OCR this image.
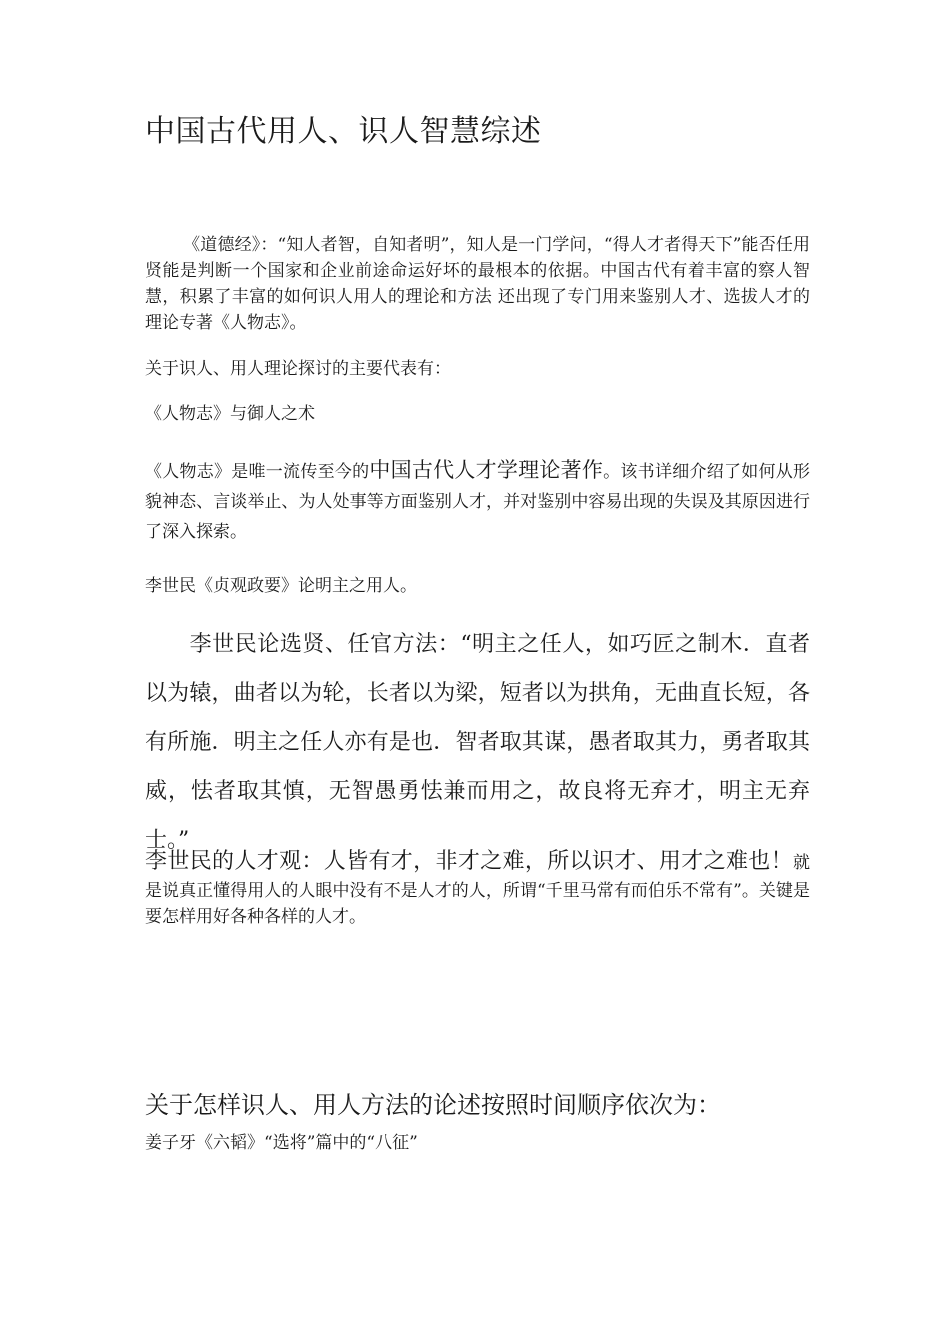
中国古代用人、识人智慧综述

《道德经》：“知人者智，自知者明”，知人是一门学问，“得人才者得天下”能否任用贤能是判断一个国家和企业前途命运好坏的最根本的依据。中国古代有着丰富的察人智慧，积累了丰富的如何识人用人的理论和方法 还出现了专门用来鉴别人才、选拔人才的理论专著《人物志》。

关于识人、用人理论探讨的主要代表有：

《人物志》与御人之术

《人物志》是唯一流传至今的中国古代人才学理论著作。该书详细介绍了如何从形貌神态、言谈举止、为人处事等方面鉴别人才，并对鉴别中容易出现的失误及其原因进行了深入探索。

李世民《贞观政要》论明主之用人。

李世民论选贤、任官方法：“明主之任人，如巧匠之制木．直者以为辕，曲者以为轮，长者以为梁，短者以为拱角，无曲直长短，各有所施．明主之任人亦有是也．智者取其谋，愚者取其力，勇者取其威，怯者取其慎，无智愚勇怯兼而用之，故良将无弃才，明主无弃士。”

李世民的人才观：人皆有才，非才之难，所以识才、用才之难也！就是说真正懂得用人的人眼中没有不是人才的人，所谓“千里马常有而伯乐不常有”。关键是要怎样用好各种各样的人才。

关于怎样识人、用人方法的论述按照时间顺序依次为：

姜子牙《六韬》“选将”篇中的“八征”
